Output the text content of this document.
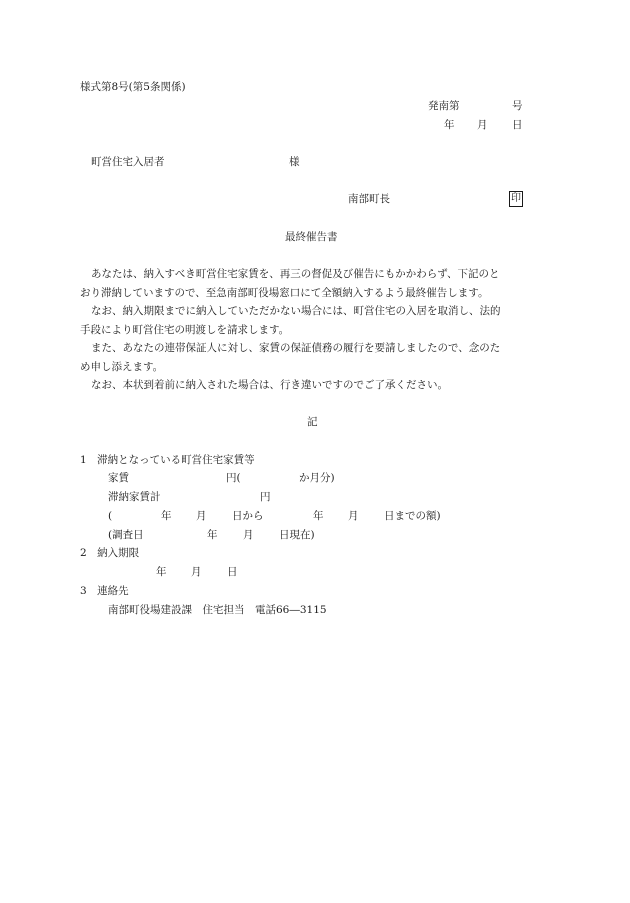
様式第8号(第5条関係)
発南第	号
年 月 日
町営住宅入居者	様
南部町長	印
最終催告書

あなたは、納入すべき町営住宅家賃を、再三の督促及び催告にもかかわらず、下記のと

おり滞納していますので、至急南部町役場窓口にて全額納入するよう最終催告します。

なお、納入期限までに納入していただかない場合には、町営住宅の入居を取消し、法的

手段により町営住宅の明渡しを請求します。

また、あなたの連帯保証人に対し、家賃の保証債務の履行を要請しましたので、念のた

め申し添えます。

なお、本状到着前に納入された場合は、行き違いですのでご了承ください。

記
1　滞納となっている町営住宅家賃等
家賃	円(	か月分)
滞納家賃計	円
(	年 月 日から	年 月 日までの額)
(調査日	年 月 日現在)
2　納入期限
年 月 日
3　連絡先
南部町役場建設課　住宅担当　電話66―3115
